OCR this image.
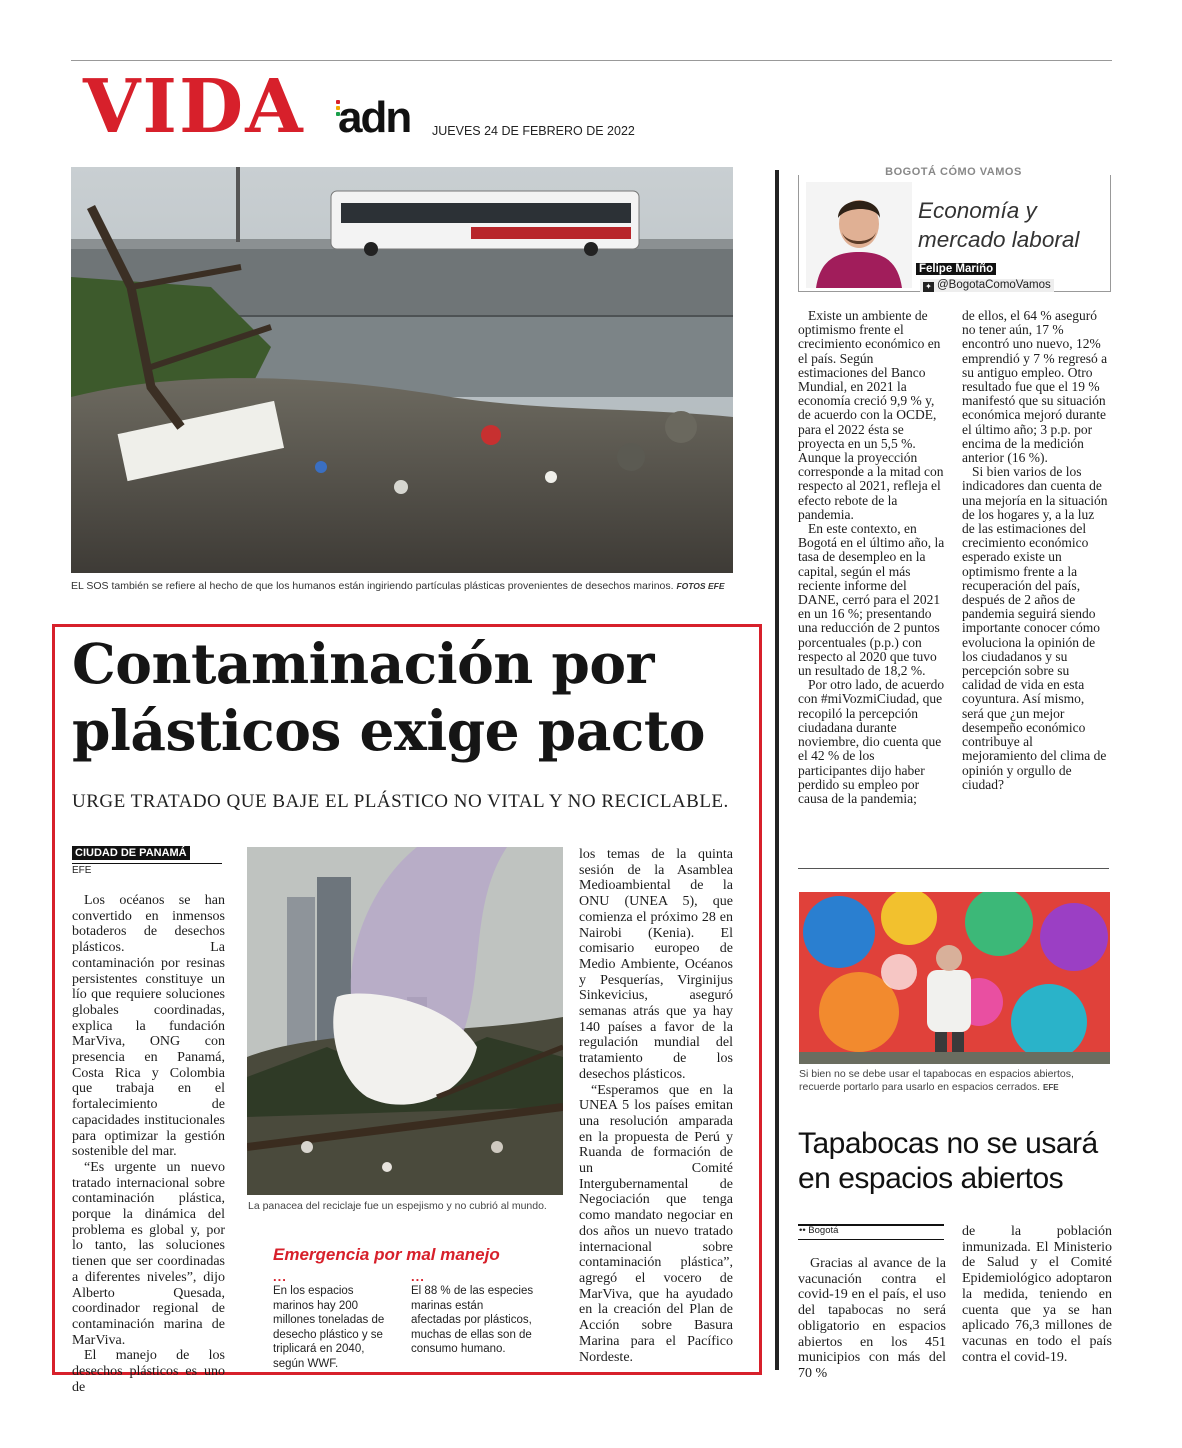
VIDA adn JUEVES 24 DE FEBRERO DE 2022
EL SOS también se refiere al hecho de que los humanos están ingiriendo partículas plásticas provenientes de desechos marinos. FOTOS EFE
Contaminación por plásticos exige pacto
URGE TRATADO QUE BAJE EL PLÁSTICO NO VITAL Y NO RECICLABLE.
CIUDAD DE PANAMÁ
EFE

Los océanos se han convertido en inmensos botaderos de desechos plásticos. La contaminación por resinas persistentes constituye un lío que requiere soluciones globales coordinadas, explica la fundación MarViva, ONG con presencia en Panamá, Costa Rica y Colombia que trabaja en el fortalecimiento de capacidades institucionales para optimizar la gestión sostenible del mar.

“Es urgente un nuevo tratado internacional sobre contaminación plástica, porque la dinámica del problema es global y, por lo tanto, las soluciones tienen que ser coordinadas a diferentes niveles”, dijo Alberto Quesada, coordinador regional de contaminación marina de MarViva.

El manejo de los desechos plásticos es uno de

La panacea del reciclaje fue un espejismo y no cubrió al mundo.
Emergencia por mal manejo
...
En los espacios marinos hay 200 millones toneladas de desecho plástico y se triplicará en 2040, según WWF.
...
El 88 % de las especies marinas están afectadas por plásticos, muchas de ellas son de consumo humano.

los temas de la quinta sesión de la Asamblea Medioambiental de la ONU (UNEA 5), que comienza el próximo 28 en Nairobi (Kenia). El comisario europeo de Medio Ambiente, Océanos y Pesquerías, Virginijus Sinkevicius, aseguró semanas atrás que ya hay 140 países a favor de la regulación mundial del tratamiento de los desechos plásticos.

“Esperamos que en la UNEA 5 los países emitan una resolución amparada en la propuesta de Perú y Ruanda de formación de un Comité Intergubernamental de Negociación que tenga como mandato negociar en dos años un nuevo tratado internacional sobre contaminación plástica”, agregó el vocero de MarViva, que ha ayudado en la creación del Plan de Acción sobre Basura Marina para el Pacífico Nordeste.

BOGOTÁ CÓMO VAMOS
Economía y
mercado laboral
Felipe Mariño
✦ @BogotaComoVamos

Existe un ambiente de optimismo frente el crecimiento económico en el país. Según estimaciones del Banco Mundial, en 2021 la economía creció 9,9 % y, de acuerdo con la OCDE, para el 2022 ésta se proyecta en un 5,5 %. Aunque la proyección corresponde a la mitad con respecto al 2021, refleja el efecto rebote de la pandemia.

En este contexto, en Bogotá en el último año, la tasa de desempleo en la capital, según el más reciente informe del DANE, cerró para el 2021 en un 16 %; presentando una reducción de 2 puntos porcentuales (p.p.) con respecto al 2020 que tuvo un resultado de 18,2 %.

Por otro lado, de acuerdo con #miVozmiCiudad, que recopiló la percepción ciudadana durante noviembre, dio cuenta que el 42 % de los participantes dijo haber perdido su empleo por causa de la pandemia;

de ellos, el 64 % aseguró no tener aún, 17 % encontró uno nuevo, 12% emprendió y 7 % regresó a su antiguo empleo. Otro resultado fue que el 19 % manifestó que su situación económica mejoró durante el último año; 3 p.p. por encima de la medición anterior (16 %).

Si bien varios de los indicadores dan cuenta de una mejoría en la situación de los hogares y, a la luz de las estimaciones del crecimiento económico esperado existe un optimismo frente a la recuperación del país, después de 2 años de pandemia seguirá siendo importante conocer cómo evoluciona la opinión de los ciudadanos y su percepción sobre su calidad de vida en esta coyuntura. Así mismo, será que ¿un mejor desempeño económico contribuye al mejoramiento del clima de opinión y orgullo de ciudad?

Si bien no se debe usar el tapabocas en espacios abiertos, recuerde portarlo para usarlo en espacios cerrados. EFE
Tapabocas no se usará en espacios abiertos
•• Bogotá

Gracias al avance de la vacunación contra el covid-19 en el país, el uso del tapabocas no será obligatorio en espacios abiertos en los 451 municipios con más del 70 %

de la población inmunizada. El Ministerio de Salud y el Comité Epidemiológico adoptaron la medida, teniendo en cuenta que ya se han aplicado 76,3 millones de vacunas en todo el país contra el covid-19.
